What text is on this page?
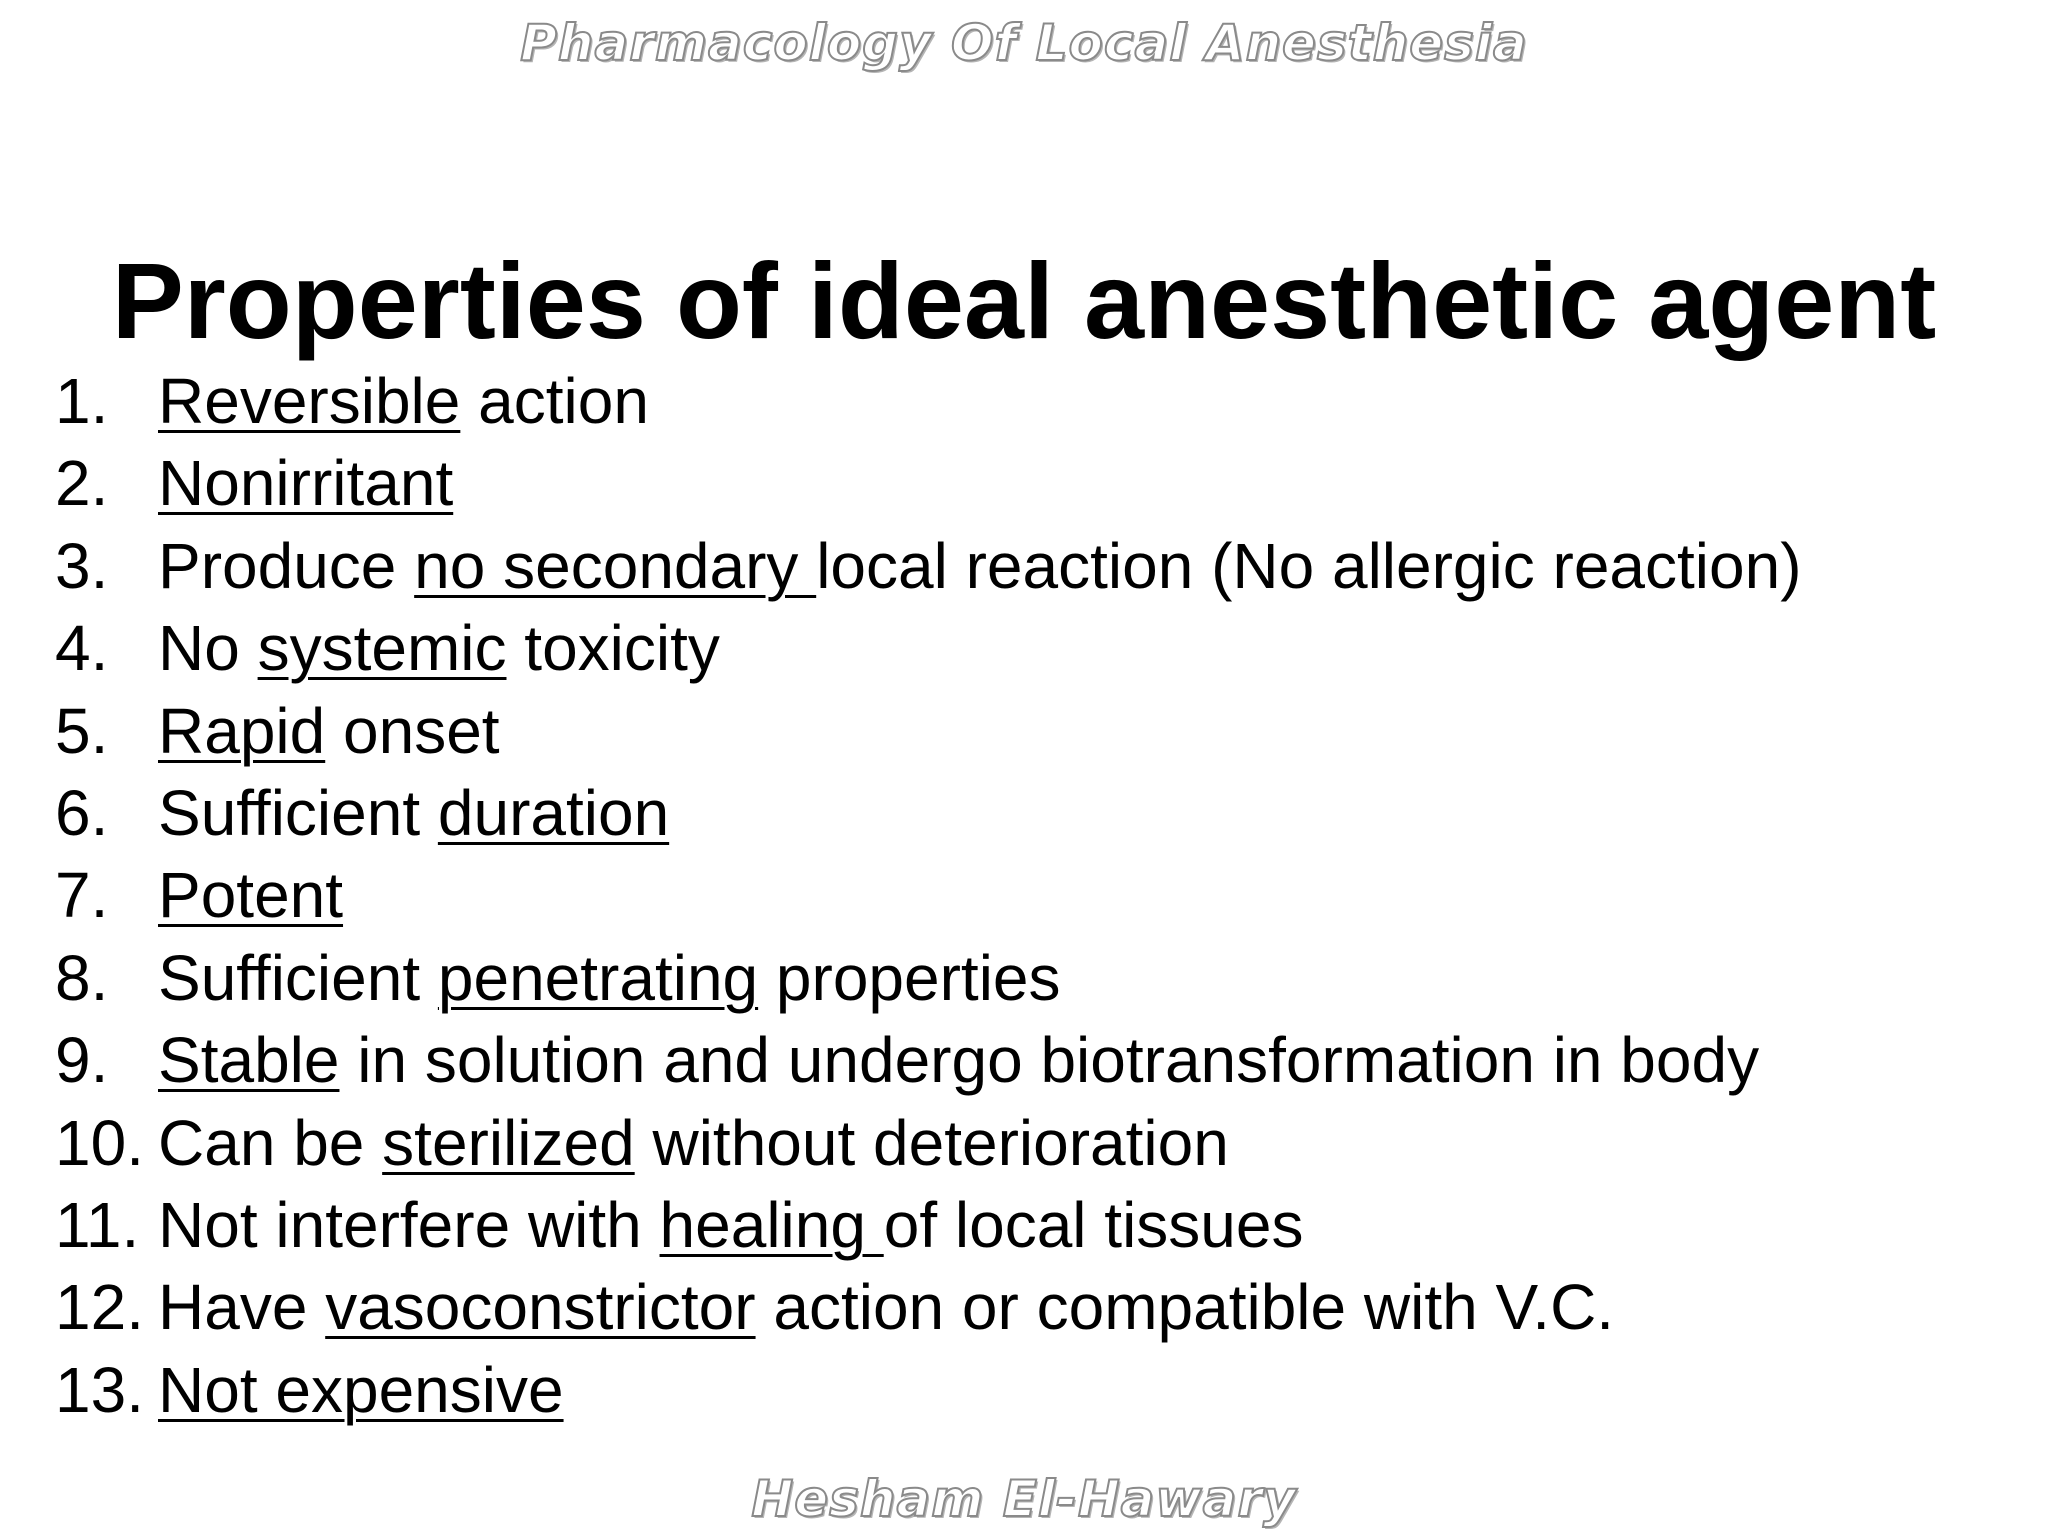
Pharmacology Of Local Anesthesia
Properties of ideal anesthetic agent
1. Reversible action
2. Nonirritant
3. Produce no secondary local reaction (No allergic reaction)
4. No systemic toxicity
5. Rapid onset
6. Sufficient duration
7. Potent
8. Sufficient penetrating properties
9. Stable in solution and undergo biotransformation in body
10. Can be sterilized without deterioration
11. Not interfere with healing of local tissues
12. Have vasoconstrictor action or compatible with V.C.
13. Not expensive
Hesham El-Hawary
